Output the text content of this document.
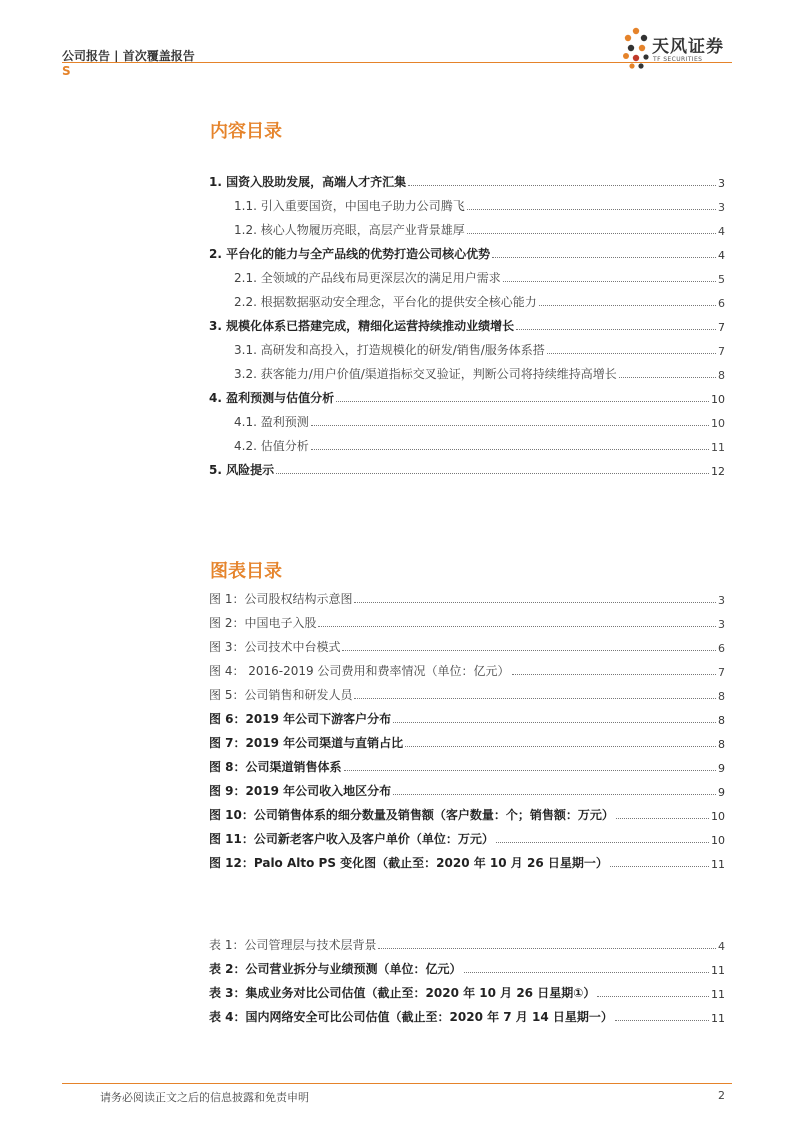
公司报告 | 首次覆盖报告
S
天风证券
TF SECURITIES
内容目录
1. 国资入股助发展，高端人才齐汇集	3
1.1. 引入重要国资，中国电子助力公司腾飞	3
1.2. 核心人物履历亮眼，高层产业背景雄厚	4
2. 平台化的能力与全产品线的优势打造公司核心优势	4
2.1. 全领域的产品线布局更深层次的满足用户需求	5
2.2. 根据数据驱动安全理念，平台化的提供安全核心能力	6
3. 规模化体系已搭建完成，精细化运营持续推动业绩增长	7
3.1. 高研发和高投入，打造规模化的研发/销售/服务体系搭	7
3.2. 获客能力/用户价值/渠道指标交叉验证，判断公司将持续维持高增长	8
4. 盈利预测与估值分析	10
4.1. 盈利预测	10
4.2. 估值分析	11
5. 风险提示	12
图表目录
图 1：公司股权结构示意图	3
图 2：中国电子入股	3
图 3：公司技术中台模式	6
图 4： 2016-2019 公司费用和费率情况（单位：亿元）	7
图 5：公司销售和研发人员	8
图 6：2019 年公司下游客户分布	8
图 7：2019 年公司渠道与直销占比	8
图 8：公司渠道销售体系	9
图 9：2019 年公司收入地区分布	9
图 10：公司销售体系的细分数量及销售额（客户数量：个；销售额：万元）	10
图 11：公司新老客户收入及客户单价（单位：万元）	10
图 12：Palo Alto PS 变化图（截止至：2020 年 10 月 26 日星期一）	11
表 1：公司管理层与技术层背景	4
表 2：公司营业拆分与业绩预测（单位：亿元）	11
表 3：集成业务对比公司估值（截止至：2020 年 10 月 26 日星期①）	11
表 4：国内网络安全可比公司估值（截止至：2020 年 7 月 14 日星期一）	11
请务必阅读正文之后的信息披露和免责申明	2
